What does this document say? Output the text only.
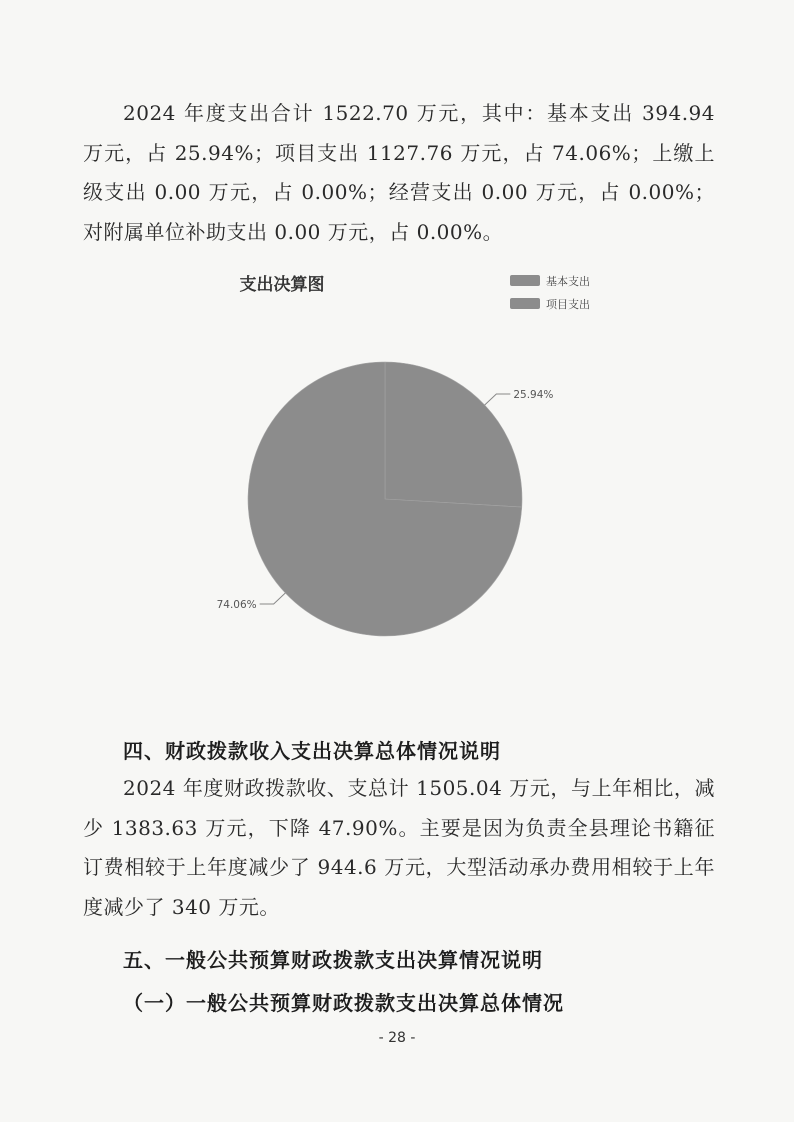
2024 年度支出合计 1522.70 万元，其中：基本支出 394.94 万元，占 25.94%；项目支出 1127.76 万元，占 74.06%；上缴上级支出 0.00 万元，占 0.00%；经营支出 0.00 万元，占 0.00%；对附属单位补助支出 0.00 万元，占 0.00%。
支出决算图	基本支出
项目支出
25.94%
74.06%
四、财政拨款收入支出决算总体情况说明
2024 年度财政拨款收、支总计 1505.04 万元，与上年相比，减少 1383.63 万元，下降 47.90%。主要是因为负责全县理论书籍征订费相较于上年度减少了 944.6 万元，大型活动承办费用相较于上年度减少了 340 万元。
五、一般公共预算财政拨款支出决算情况说明
（一）一般公共预算财政拨款支出决算总体情况
- 28 -
